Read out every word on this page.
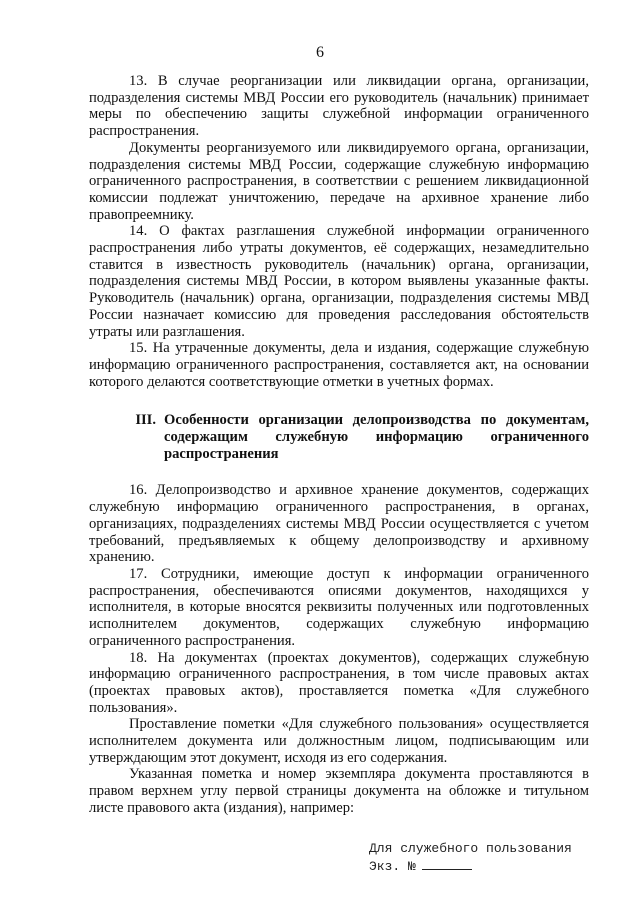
6

13. В случае реорганизации или ликвидации органа, организации, подразделения системы МВД России его руководитель (начальник) принимает меры по обеспечению защиты служебной информации ограниченного распространения.

Документы реорганизуемого или ликвидируемого органа, организации, подразделения системы МВД России, содержащие служебную информацию ограниченного распространения, в соответствии с решением ликвидационной комиссии подлежат уничтожению, передаче на архивное хранение либо правопреемнику.

14. О фактах разглашения служебной информации ограниченного распространения либо утраты документов, её содержащих, незамедлительно ставится в известность руководитель (начальник) органа, организации, подразделения системы МВД России, в котором выявлены указанные факты. Руководитель (начальник) органа, организации, подразделения системы МВД России назначает комиссию для проведения расследования обстоятельств утраты или разглашения.

15. На утраченные документы, дела и издания, содержащие служебную информацию ограниченного распространения, составляется акт, на основании которого делаются соответствующие отметки в учетных формах.

III. Особенности организации делопроизводства по документам, содержащим служебную информацию ограниченного распространения

16. Делопроизводство и архивное хранение документов, содержащих служебную информацию ограниченного распространения, в органах, организациях, подразделениях системы МВД России осуществляется с учетом требований, предъявляемых к общему делопроизводству и архивному хранению.

17. Сотрудники, имеющие доступ к информации ограниченного распространения, обеспечиваются описями документов, находящихся у исполнителя, в которые вносятся реквизиты полученных или подготовленных исполнителем документов, содержащих служебную информацию ограниченного распространения.

18. На документах (проектах документов), содержащих служебную информацию ограниченного распространения, в том числе правовых актах (проектах правовых актов), проставляется пометка «Для служебного пользования».

Проставление пометки «Для служебного пользования» осуществляется исполнителем документа или должностным лицом, подписывающим или утверждающим этот документ, исходя из его содержания.

Указанная пометка и номер экземпляра документа проставляются в правом верхнем углу первой страницы документа на обложке и титульном листе правового акта (издания), например:

Для служебного пользования
Экз. №
